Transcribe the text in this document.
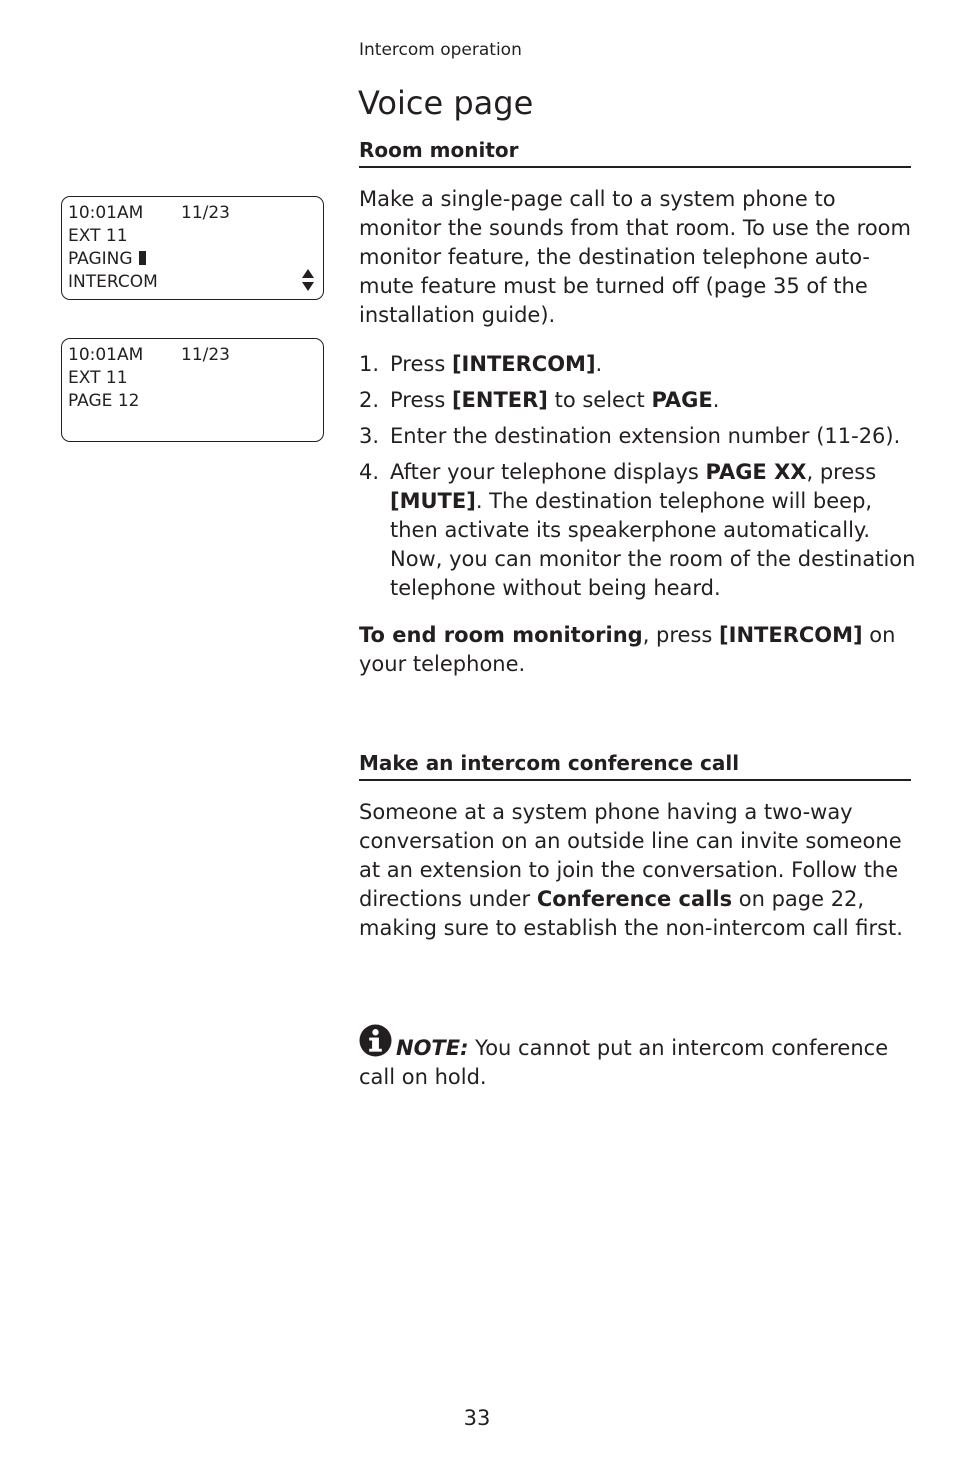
Intercom operation
Voice page
10:01AM 11/23
EXT 11
PAGING
INTERCOM
10:01AM 11/23
EXT 11
PAGE 12
Room monitor

Make a single-page call to a system phone to monitor the sounds from that room. To use the room monitor feature, the destination telephone auto-mute feature must be turned off (page 35 of the installation guide).

1. Press [INTERCOM].
2. Press [ENTER] to select PAGE.
3. Enter the destination extension number (11-26).
4. After your telephone displays PAGE XX, press [MUTE]. The destination telephone will beep, then activate its speakerphone automatically. Now, you can monitor the room of the destination telephone without being heard.

To end room monitoring, press [INTERCOM] on your telephone.

Make an intercom conference call

Someone at a system phone having a two-way conversation on an outside line can invite someone at an extension to join the conversation. Follow the directions under Conference calls on page 22, making sure to establish the non-intercom call first.

NOTE: You cannot put an intercom conference call on hold.
33
